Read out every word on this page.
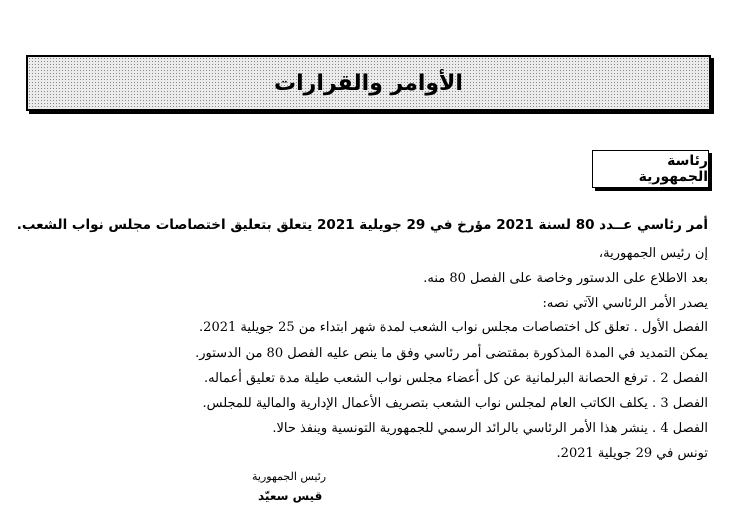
الأوامر والقرارات
رئاسة الجمهورية
أمر رئاسي عــدد 80 لسنة 2021 مؤرخ في 29 جويلية 2021 يتعلق بتعليق اختصاصات مجلس نواب الشعب.
إن رئيس الجمهورية،
بعد الاطلاع على الدستور وخاصة على الفصل 80 منه.
يصدر الأمر الرئاسي الآتي نصه:
الفصل الأول . تعلق كل اختصاصات مجلس نواب الشعب لمدة شهر ابتداء من 25 جويلية 2021.
يمكن التمديد في المدة المذكورة بمقتضى أمر رئاسي وفق ما ينص عليه الفصل 80 من الدستور.
الفصل 2 . ترفع الحصانة البرلمانية عن كل أعضاء مجلس نواب الشعب طيلة مدة تعليق أعماله.
الفصل 3 . يكلف الكاتب العام لمجلس نواب الشعب بتصريف الأعمال الإدارية والمالية للمجلس.
الفصل 4 . ينشر هذا الأمر الرئاسي بالرائد الرسمي للجمهورية التونسية وينفذ حالا.
تونس في 29 جويلية 2021.
رئيس الجمهورية
قيس سعيّد
